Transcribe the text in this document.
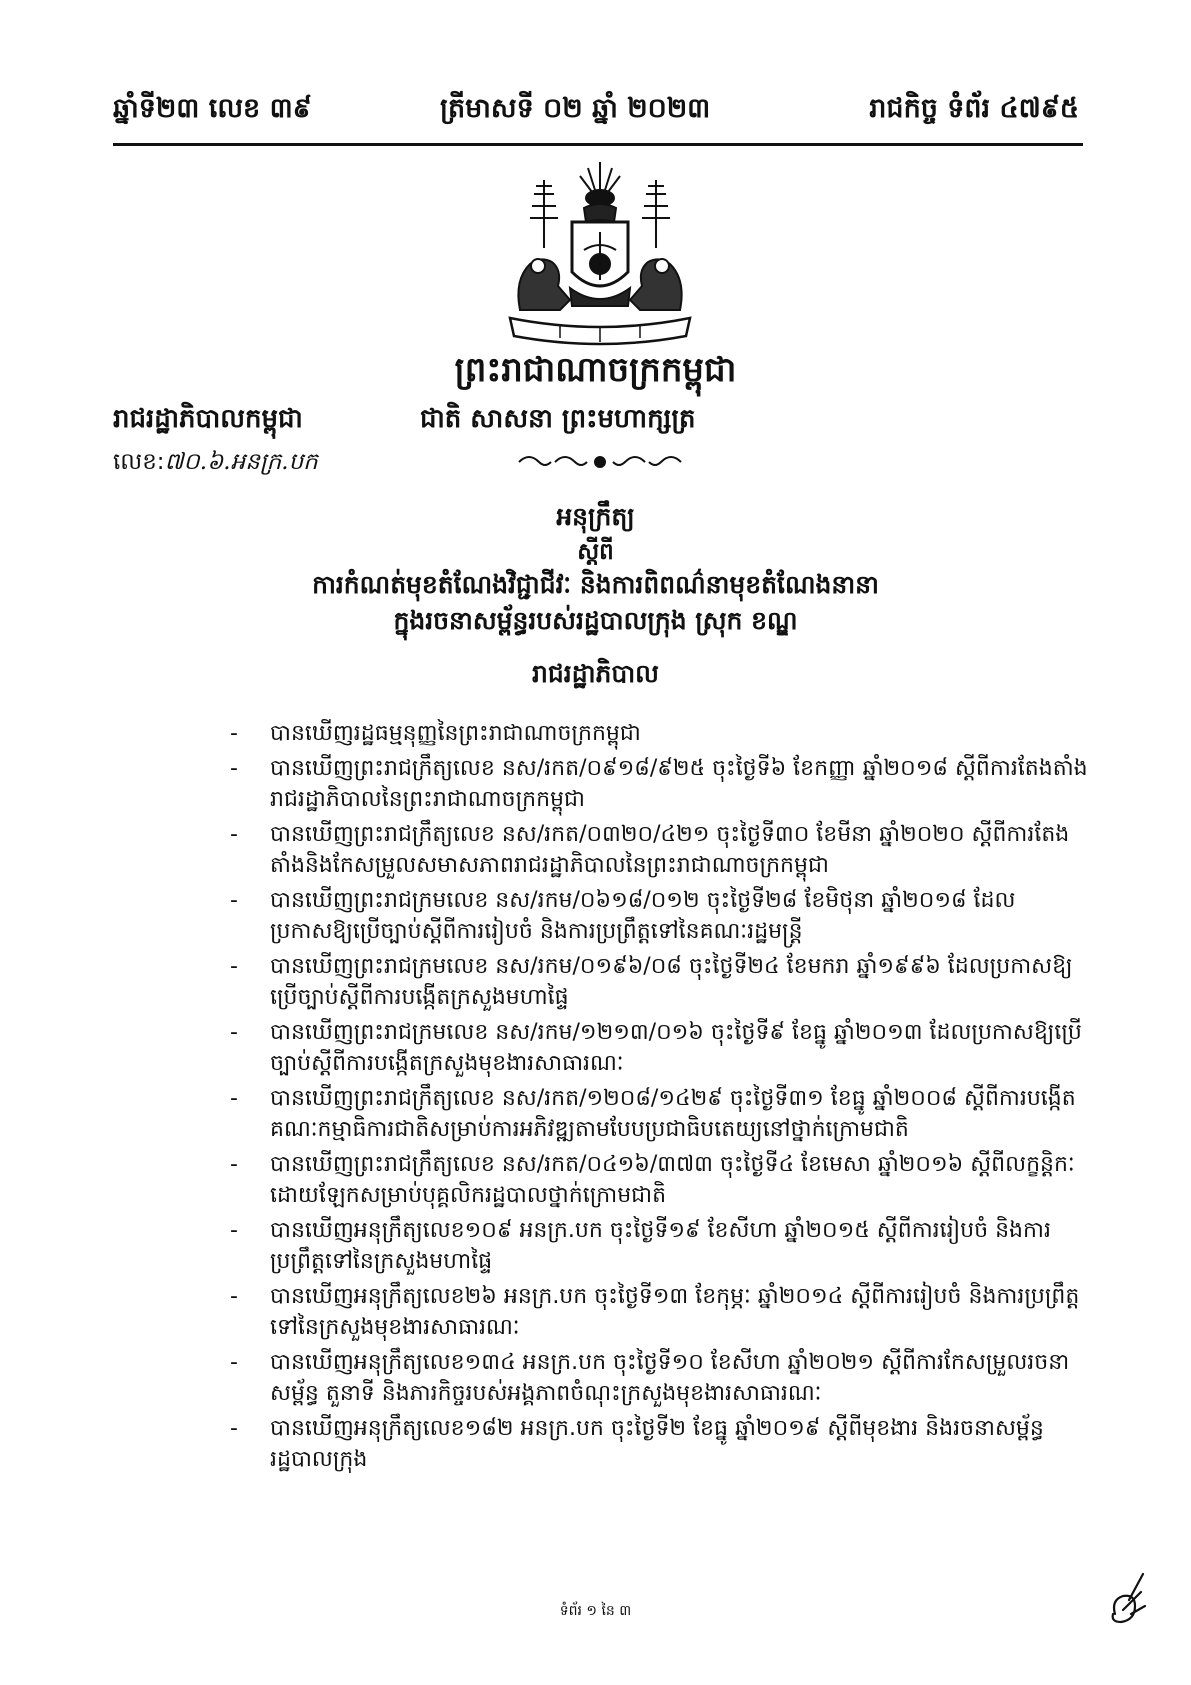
ឆ្នាំទី២៣ លេខ ៣៩	ត្រីមាសទី ០២ ឆ្នាំ ២០២៣	រាជកិច្ច ទំព័រ ៤៧៩៥
ព្រះរាជាណាចក្រកម្ពុជា
រាជរដ្ឋាភិបាលកម្ពុជា	ជាតិ សាសនា ព្រះមហាក្សត្រ
លេខ:៧០.៦.អនក្រ.បក
អនុក្រឹត្យ
ស្តីពី
ការកំណត់មុខតំណែងវិជ្ជាជីវៈ និងការពិពណ៌នាមុខតំណែងនានា
ក្នុងរចនាសម្ព័ន្ធរបស់រដ្ឋបាលក្រុង ស្រុក ខណ្ឌ
រាជរដ្ឋាភិបាល
- បានឃើញរដ្ឋធម្មនុញ្ញនៃព្រះរាជាណាចក្រកម្ពុជា
- បានឃើញព្រះរាជក្រឹត្យលេខ នស/រកត/០៩១៨/៩២៥ ចុះថ្ងៃទី៦ ខែកញ្ញា ឆ្នាំ២០១៨ ស្តីពីការតែងតាំងរាជរដ្ឋាភិបាលនៃព្រះរាជាណាចក្រកម្ពុជា
- បានឃើញព្រះរាជក្រឹត្យលេខ នស/រកត/០៣២០/៤២១ ចុះថ្ងៃទី៣០ ខែមីនា ឆ្នាំ២០២០ ស្តីពីការតែងតាំងនិងកែសម្រួលសមាសភាពរាជរដ្ឋាភិបាលនៃព្រះរាជាណាចក្រកម្ពុជា
- បានឃើញព្រះរាជក្រមលេខ នស/រកម/០៦១៨/០១២ ចុះថ្ងៃទី២៨ ខែមិថុនា ឆ្នាំ២០១៨ ដែលប្រកាសឱ្យប្រើច្បាប់ស្តីពីការរៀបចំ និងការប្រព្រឹត្តទៅនៃគណៈរដ្ឋមន្ត្រី
- បានឃើញព្រះរាជក្រមលេខ នស/រកម/០១៩៦/០៨ ចុះថ្ងៃទី២៤ ខែមករា ឆ្នាំ១៩៩៦ ដែលប្រកាសឱ្យប្រើច្បាប់ស្តីពីការបង្កើតក្រសួងមហាផ្ទៃ
- បានឃើញព្រះរាជក្រមលេខ នស/រកម/១២១៣/០១៦ ចុះថ្ងៃទី៩ ខែធ្នូ ឆ្នាំ២០១៣ ដែលប្រកាសឱ្យប្រើច្បាប់ស្តីពីការបង្កើតក្រសួងមុខងារសាធារណៈ
- បានឃើញព្រះរាជក្រឹត្យលេខ នស/រកត/១២០៨/១៤២៩ ចុះថ្ងៃទី៣១ ខែធ្នូ ឆ្នាំ២០០៨ ស្តីពីការបង្កើតគណៈកម្មាធិការជាតិសម្រាប់ការអភិវឌ្ឍតាមបែបប្រជាធិបតេយ្យនៅថ្នាក់ក្រោមជាតិ
- បានឃើញព្រះរាជក្រឹត្យលេខ នស/រកត/០៤១៦/៣៧៣ ចុះថ្ងៃទី៤ ខែមេសា ឆ្នាំ២០១៦ ស្តីពីលក្ខន្តិកៈដោយឡែកសម្រាប់បុគ្គលិករដ្ឋបាលថ្នាក់ក្រោមជាតិ
- បានឃើញអនុក្រឹត្យលេខ១០៩ អនក្រ.បក ចុះថ្ងៃទី១៩ ខែសីហា ឆ្នាំ២០១៥ ស្តីពីការរៀបចំ និងការប្រព្រឹត្តទៅនៃក្រសួងមហាផ្ទៃ
- បានឃើញអនុក្រឹត្យលេខ២៦ អនក្រ.បក ចុះថ្ងៃទី១៣ ខែកុម្ភៈ ឆ្នាំ២០១៤ ស្តីពីការរៀបចំ និងការប្រព្រឹត្តទៅនៃក្រសួងមុខងារសាធារណៈ
- បានឃើញអនុក្រឹត្យលេខ១៣៤ អនក្រ.បក ចុះថ្ងៃទី១០ ខែសីហា ឆ្នាំ២០២១ ស្តីពីការកែសម្រួលរចនាសម្ព័ន្ធ តួនាទី និងភារកិច្ចរបស់អង្គភាពចំណុះក្រសួងមុខងារសាធារណៈ
- បានឃើញអនុក្រឹត្យលេខ១៨២ អនក្រ.បក ចុះថ្ងៃទី២ ខែធ្នូ ឆ្នាំ២០១៩ ស្តីពីមុខងារ និងរចនាសម្ព័ន្ធរដ្ឋបាលក្រុង
ទំព័រ ១ នៃ ៣
